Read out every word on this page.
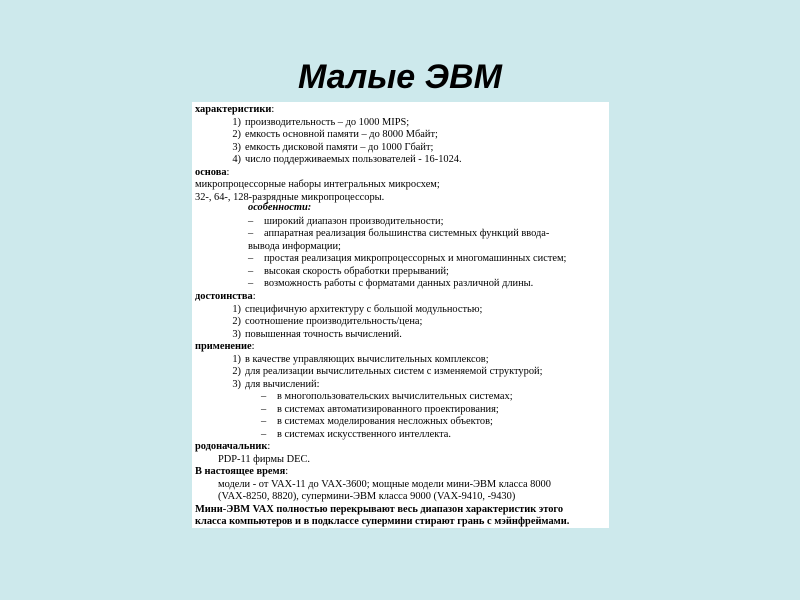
Малые ЭВМ
характеристики:
1) производительность – до 1000 MIPS;
2) емкость основной памяти – до 8000 Мбайт;
3) емкость дисковой памяти – до 1000 Гбайт;
4) число поддерживаемых пользователей - 16-1024.
основа:
микропроцессорные наборы интегральных микросхем;
32-, 64-, 128-разрядные микропроцессоры.
особенности:
– широкий диапазон производительности;
– аппаратная реализация большинства системных функций ввода-
вывода информации;
– простая реализация микропроцессорных и многомашинных систем;
– высокая скорость обработки прерываний;
– возможность работы с форматами данных различной длины.
достоинства:
1) специфичную архитектуру с большой модульностью;
2) соотношение производительность/цена;
3) повышенная точность вычислений.
применение:
1) в качестве управляющих вычислительных комплексов;
2) для реализации вычислительных систем с изменяемой структурой;
3) для вычислений:
– в многопользовательских вычислительных системах;
– в системах автоматизированного проектирования;
– в системах моделирования несложных объектов;
– в системах искусственного интеллекта.
родоначальник:
PDP-11 фирмы DEC.
В настоящее время:
модели - от VAX-11 до VAX-3600; мощные модели мини-ЭВМ класса 8000
(VAX-8250, 8820), супермини-ЭВМ класса 9000 (VAX-9410, -9430)
Мини-ЭВМ VAX полностью перекрывают весь диапазон характеристик этого
класса компьютеров и в подклассе супермини стирают грань с мэйнфреймами.
